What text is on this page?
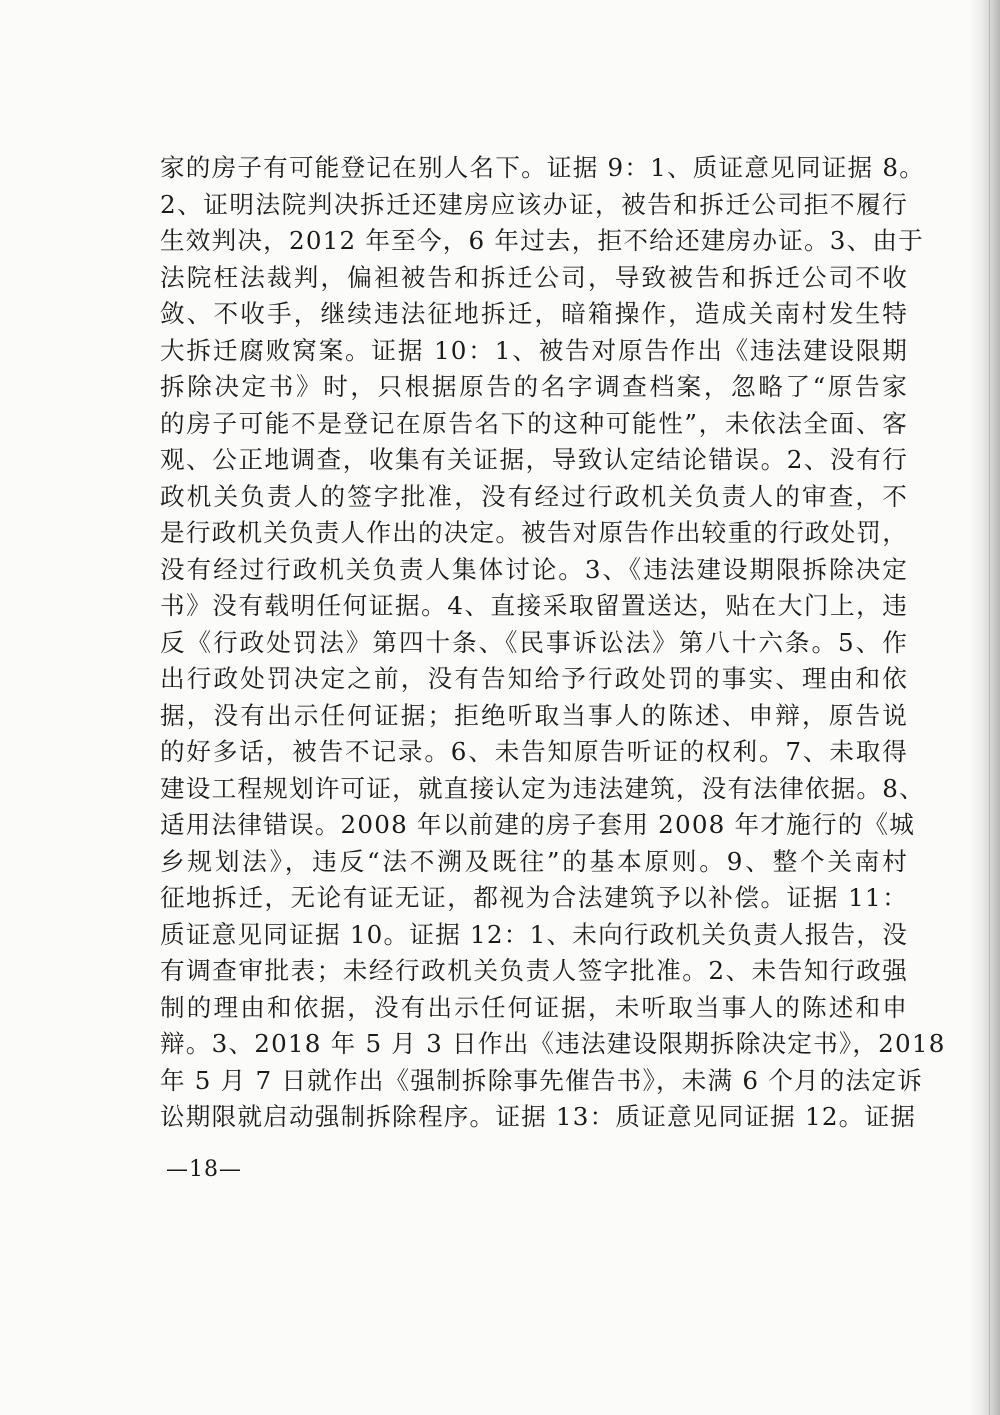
家的房子有可能登记在别人名下。证据 9：1、质证意见同证据 8。
2、证明法院判决拆迁还建房应该办证，被告和拆迁公司拒不履行
生效判决，2012 年至今，6 年过去，拒不给还建房办证。3、由于
法院枉法裁判，偏袒被告和拆迁公司，导致被告和拆迁公司不收
敛、不收手，继续违法征地拆迁，暗箱操作，造成关南村发生特
大拆迁腐败窝案。证据 10：1、被告对原告作出《违法建设限期
拆除决定书》时，只根据原告的名字调查档案，忽略了“原告家
的房子可能不是登记在原告名下的这种可能性”，未依法全面、客
观、公正地调查，收集有关证据，导致认定结论错误。2、没有行
政机关负责人的签字批准，没有经过行政机关负责人的审查，不
是行政机关负责人作出的决定。被告对原告作出较重的行政处罚，
没有经过行政机关负责人集体讨论。3、《违法建设期限拆除决定
书》没有载明任何证据。4、直接采取留置送达，贴在大门上，违
反《行政处罚法》第四十条、《民事诉讼法》第八十六条。5、作
出行政处罚决定之前，没有告知给予行政处罚的事实、理由和依
据，没有出示任何证据；拒绝听取当事人的陈述、申辩，原告说
的好多话，被告不记录。6、未告知原告听证的权利。7、未取得
建设工程规划许可证，就直接认定为违法建筑，没有法律依据。8、
适用法律错误。2008 年以前建的房子套用 2008 年才施行的《城
乡规划法》，违反“法不溯及既往”的基本原则。9、整个关南村
征地拆迁，无论有证无证，都视为合法建筑予以补偿。证据 11：
质证意见同证据 10。证据 12：1、未向行政机关负责人报告，没
有调查审批表；未经行政机关负责人签字批准。2、未告知行政强
制的理由和依据，没有出示任何证据，未听取当事人的陈述和申
辩。3、2018 年 5 月 3 日作出《违法建设限期拆除决定书》，2018
年 5 月 7 日就作出《强制拆除事先催告书》，未满 6 个月的法定诉
讼期限就启动强制拆除程序。证据 13：质证意见同证据 12。证据
—18—
